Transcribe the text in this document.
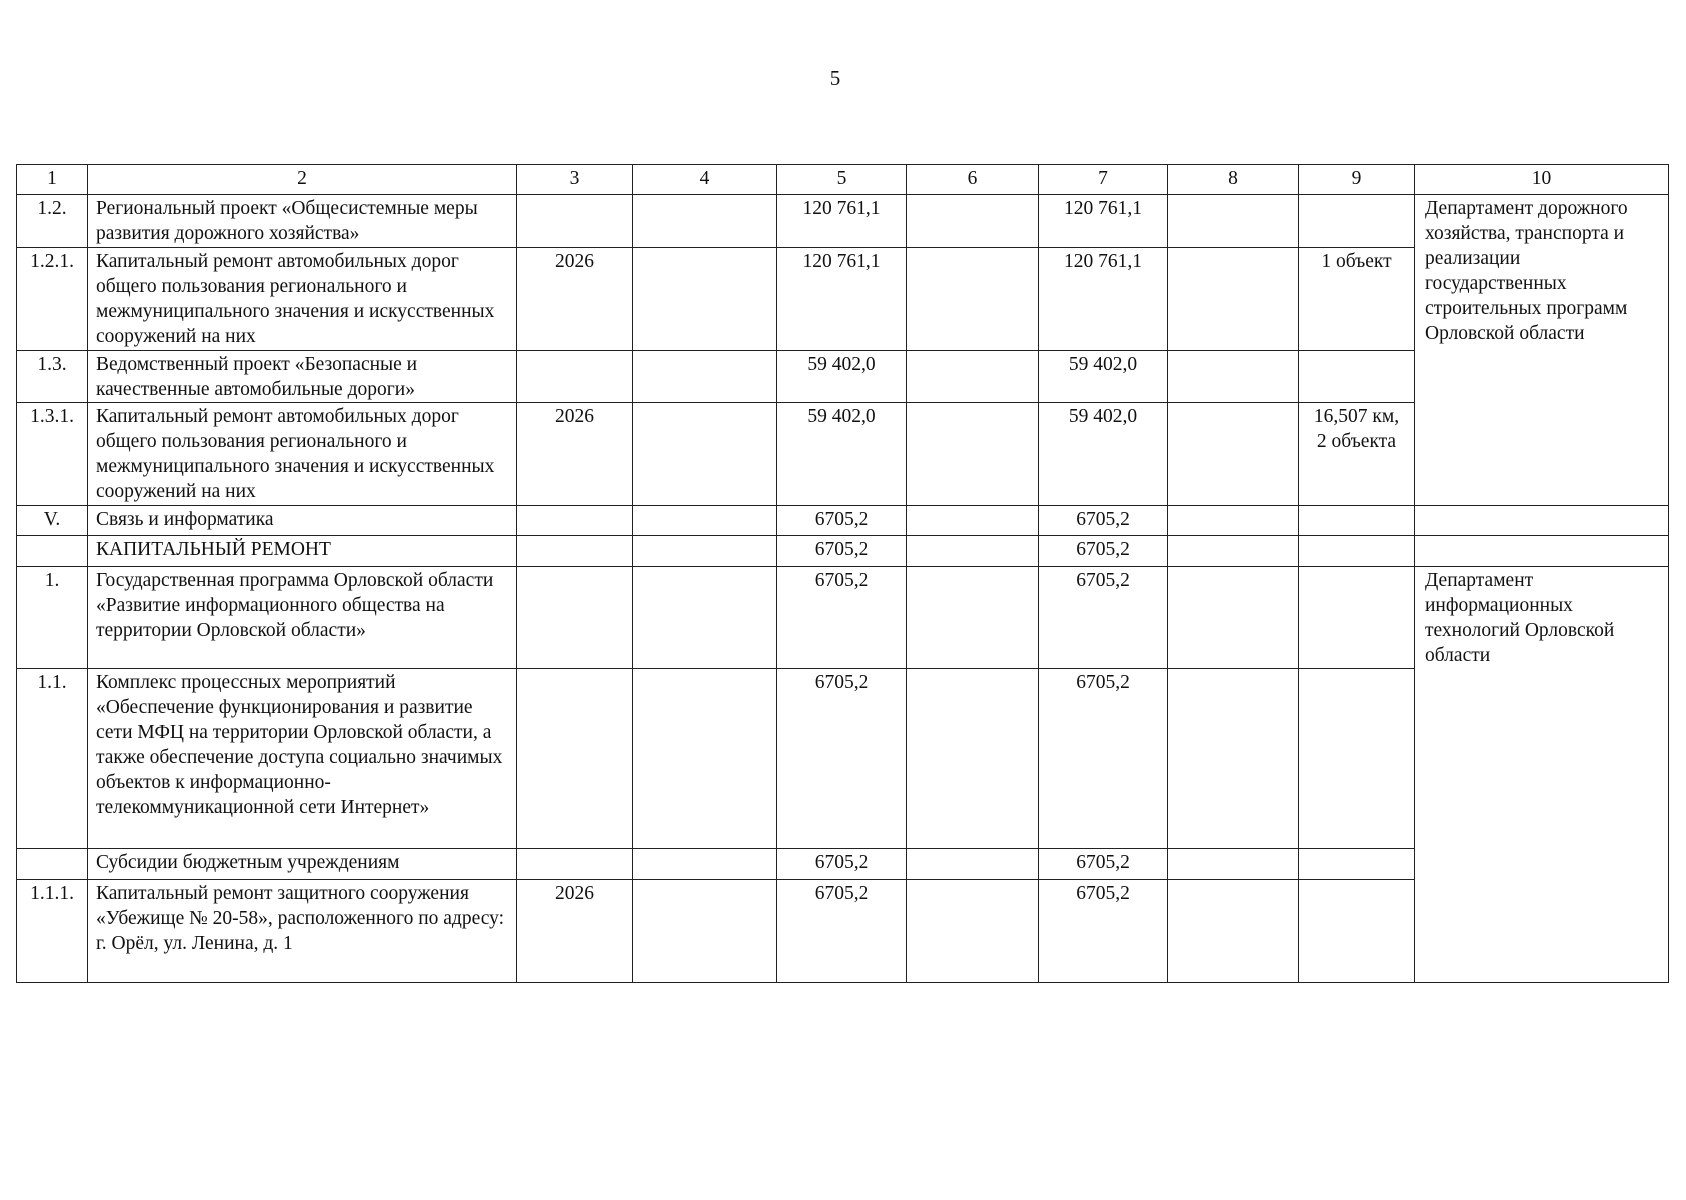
5
1	2	3	4	5	6	7	8	9	10
1.2.	Региональный проект «Общесистемные меры развития дорожного хозяйства»			120 761,1		120 761,1			Департамент дорожного хозяйства, транспорта и реализации государственных строительных программ Орловской области
1.2.1.	Капитальный ремонт автомобильных дорог общего пользования регионального и межмуниципального значения и искусственных сооружений на них	2026		120 761,1		120 761,1		1 объект	
1.3.	Ведомственный проект «Безопасные и качественные автомобильные дороги»			59 402,0		59 402,0			
1.3.1.	Капитальный ремонт автомобильных дорог общего пользования регионального и межмуниципального значения и искусственных сооружений на них	2026		59 402,0		59 402,0		16,507 км, 2 объекта	
V.	Связь и информатика			6705,2		6705,2			
	КАПИТАЛЬНЫЙ РЕМОНТ			6705,2		6705,2			
1.	Государственная программа Орловской области «Развитие информационного общества на территории Орловской области»			6705,2		6705,2			Департамент информационных технологий Орловской области
1.1.	Комплекс процессных мероприятий «Обеспечение функционирования и развитие сети МФЦ на территории Орловской области, а также обеспечение доступа социально значимых объектов к информационно-телекоммуникационной сети Интернет»			6705,2		6705,2			
	Субсидии бюджетным учреждениям			6705,2		6705,2			
1.1.1.	Капитальный ремонт защитного сооружения «Убежище № 20-58», расположенного по адресу: г. Орёл, ул. Ленина, д. 1	2026		6705,2		6705,2			
